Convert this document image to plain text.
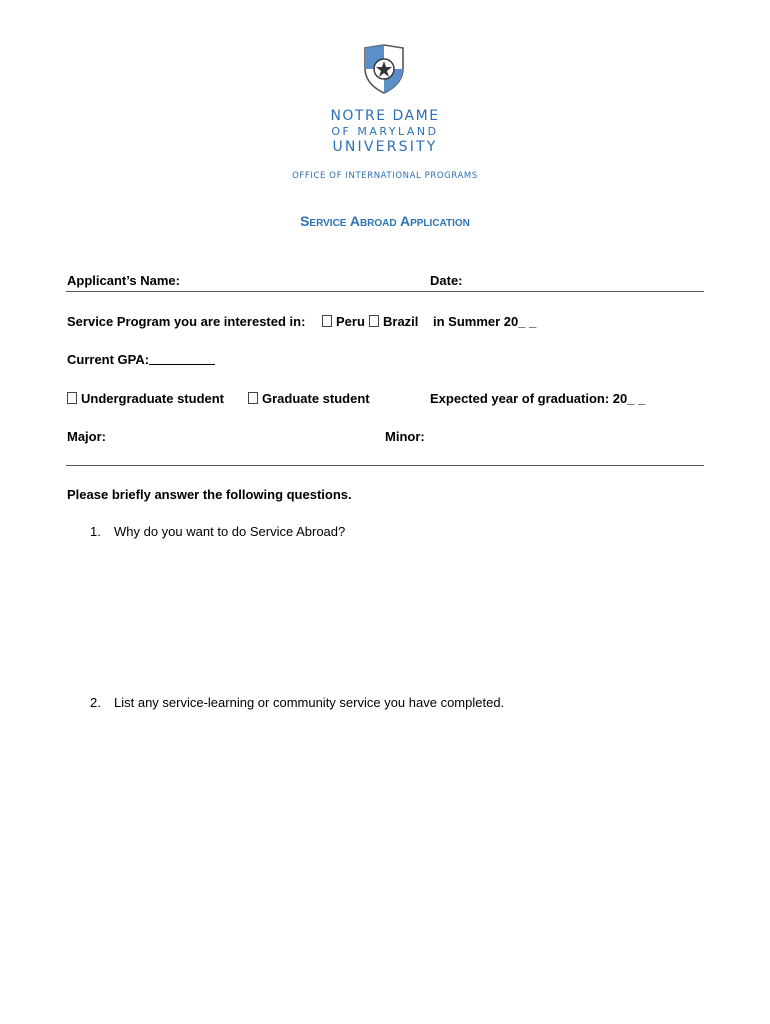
NOTRE DAME
OF MARYLAND
UNIVERSITY
OFFICE OF INTERNATIONAL PROGRAMS
Service Abroad Application
Applicant’s Name:	Date:
Service Program you are interested in:	Peru	Brazil in Summer 20_ _
Current GPA:
Undergraduate student	Graduate student	Expected year of graduation: 20_ _
Major:	Minor:
Please briefly answer the following questions.
1. Why do you want to do Service Abroad?
2. List any service-learning or community service you have completed.
